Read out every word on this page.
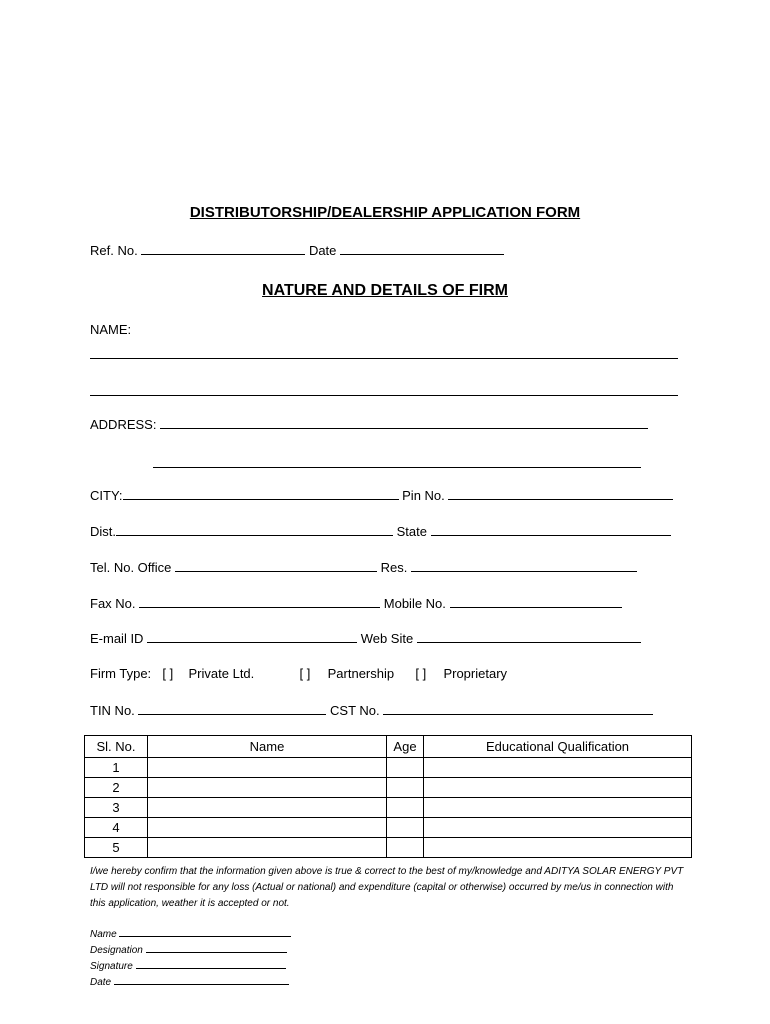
DISTRIBUTORSHIP/DEALERSHIP APPLICATION FORM
Ref. No.	Date
NATURE AND DETAILS OF FIRM
NAME:
ADDRESS:
CITY:	Pin No.
Dist.	State
Tel. No. Office	Res.
Fax No.	Mobile No.
E-mail ID	Web Site
Firm Type: [ ] Private Ltd.	[ ] Partnership [ ] Proprietary
TIN No.	CST No.
Sl. No.	Name	Age	Educational Qualification
1			
2			
3			
4			
5			
I/we hereby confirm that the information given above is true & correct to the best of my/knowledge and ADITYA SOLAR ENERGY PVT LTD will not responsible for any loss (Actual or national) and expenditure (capital or otherwise) occurred by me/us in connection with this application, weather it is accepted or not.
Name
Designation
Signature
Date
